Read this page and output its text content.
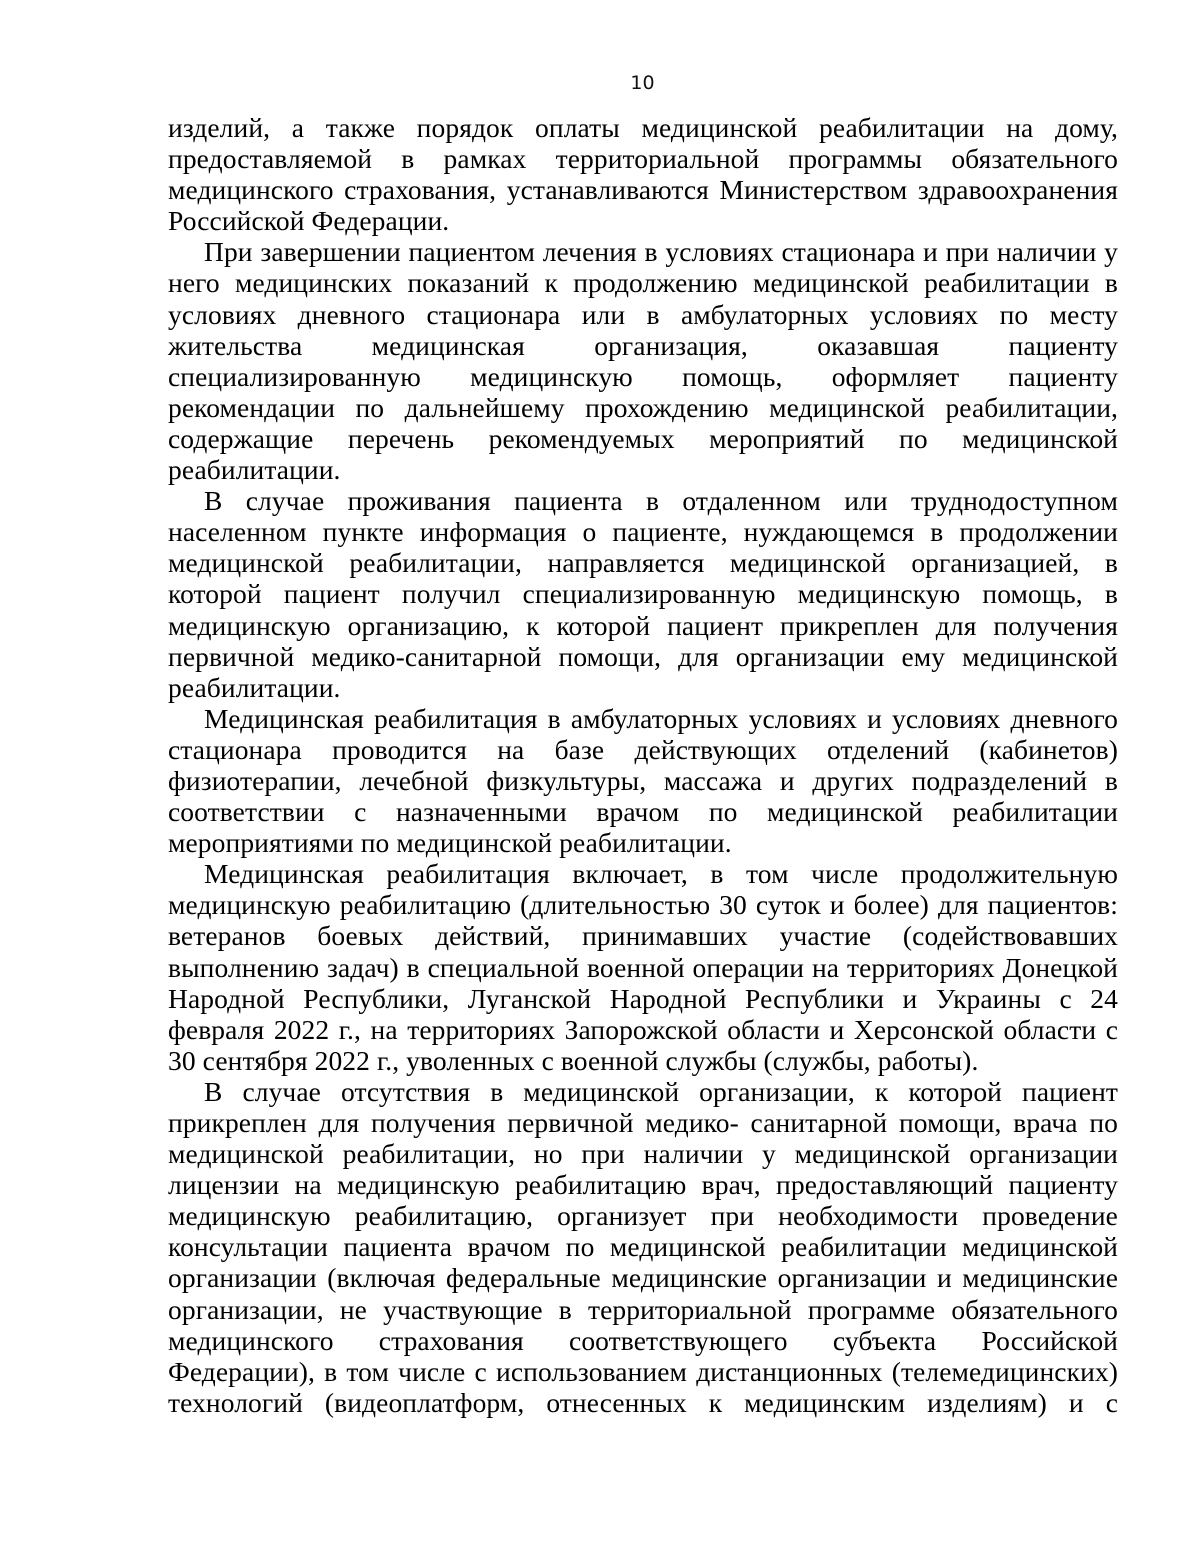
10

изделий, а также порядок оплаты медицинской реабилитации на дому, предоставляемой в рамках территориальной программы обязательного медицинского страхования, устанавливаются Министерством здравоохранения Российской Федерации.

При завершении пациентом лечения в условиях стационара и при наличии у него медицинских показаний к продолжению медицинской реабилитации в условиях дневного стационара или в амбулаторных условиях по месту жительства медицинская организация, оказавшая пациенту специализированную медицинскую помощь, оформляет пациенту рекомендации по дальнейшему прохождению медицинской реабилитации, содержащие перечень рекомендуемых мероприятий по медицинской реабилитации.

В случае проживания пациента в отдаленном или труднодоступном населенном пункте информация о пациенте, нуждающемся в продолжении медицинской реабилитации, направляется медицинской организацией, в которой пациент получил специализированную медицинскую помощь, в медицинскую организацию, к которой пациент прикреплен для получения первичной медико-санитарной помощи, для организации ему медицинской реабилитации.

Медицинская реабилитация в амбулаторных условиях и условиях дневного стационара проводится на базе действующих отделений (кабинетов) физиотерапии, лечебной физкультуры, массажа и других подразделений в соответствии с назначенными врачом по медицинской реабилитации мероприятиями по медицинской реабилитации.

Медицинская реабилитация включает, в том числе продолжительную медицинскую реабилитацию (длительностью 30 суток и более) для пациентов: ветеранов боевых действий, принимавших участие (содействовавших выполнению задач) в специальной военной операции на территориях Донецкой Народной Республики, Луганской Народной Республики и Украины с 24 февраля 2022 г., на территориях Запорожской области и Херсонской области с 30 сентября 2022 г., уволенных с военной службы (службы, работы).

В случае отсутствия в медицинской организации, к которой пациент прикреплен для получения первичной медико- санитарной помощи, врача по медицинской реабилитации, но при наличии у медицинской организации лицензии на медицинскую реабилитацию врач, предоставляющий пациенту медицинскую реабилитацию, организует при необходимости проведение консультации пациента врачом по медицинской реабилитации медицинской организации (включая федеральные медицинские организации и медицинские организации, не участвующие в территориальной программе обязательного медицинского страхования соответствующего субъекта Российской Федерации), в том числе с использованием дистанционных (телемедицинских) технологий (видеоплатформ, отнесенных к медицинским изделиям) и с
